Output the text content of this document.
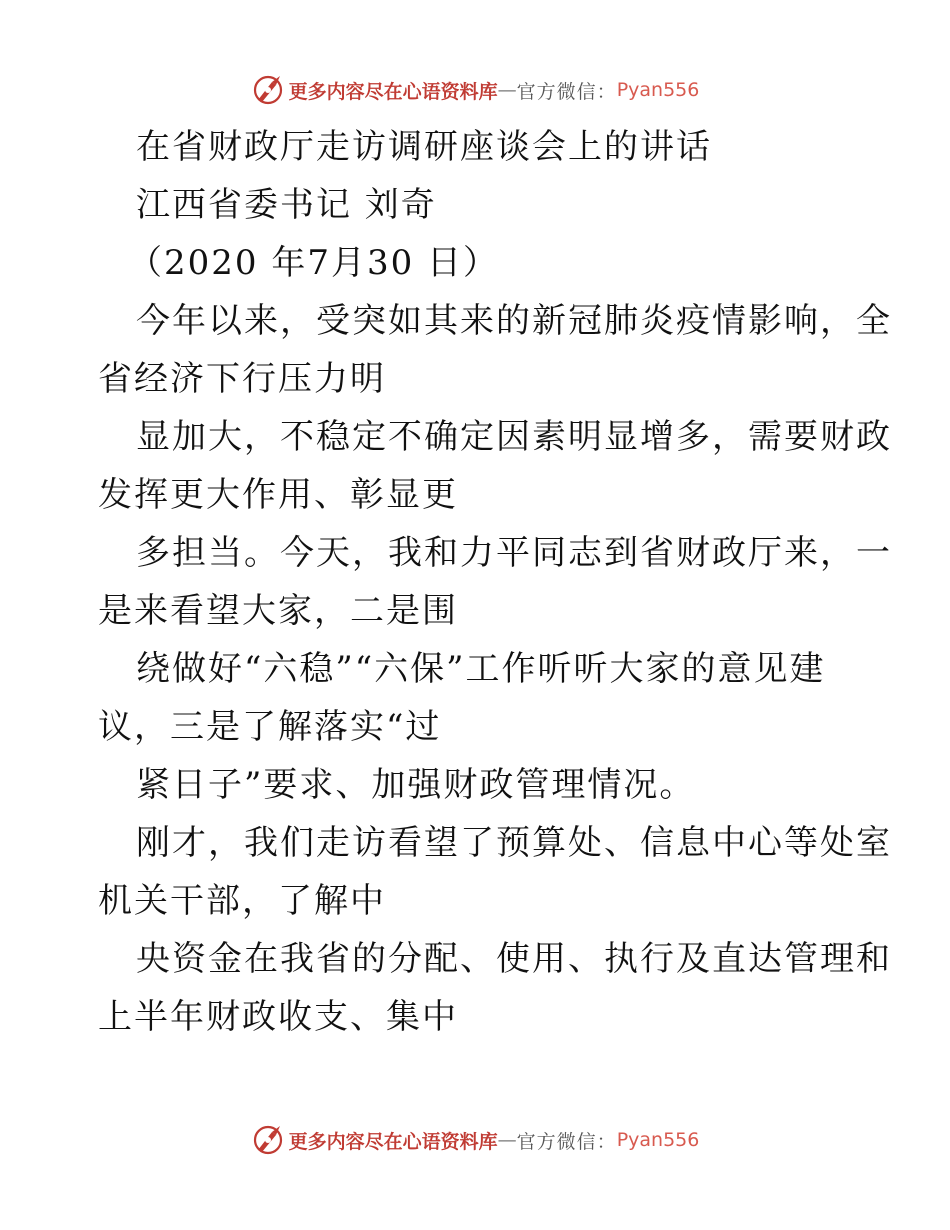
更多内容尽在心语资料库 — 官方微信： Pyan556
在省财政厅走访调研座谈会上的讲话
江西省委书记 刘奇
（2020 年7月30 日）
今年以来，受突如其来的新冠肺炎疫情影响，全
省经济下行压力明
显加大，不稳定不确定因素明显增多，需要财政
发挥更大作用、彰显更
多担当。今天，我和力平同志到省财政厅来，一
是来看望大家，二是围
绕做好“六稳”“六保”工作听听大家的意见建
议，三是了解落实“过
紧日子”要求、加强财政管理情况。
刚才，我们走访看望了预算处、信息中心等处室
机关干部，了解中
央资金在我省的分配、使用、执行及直达管理和
上半年财政收支、集中
更多内容尽在心语资料库 — 官方微信： Pyan556
